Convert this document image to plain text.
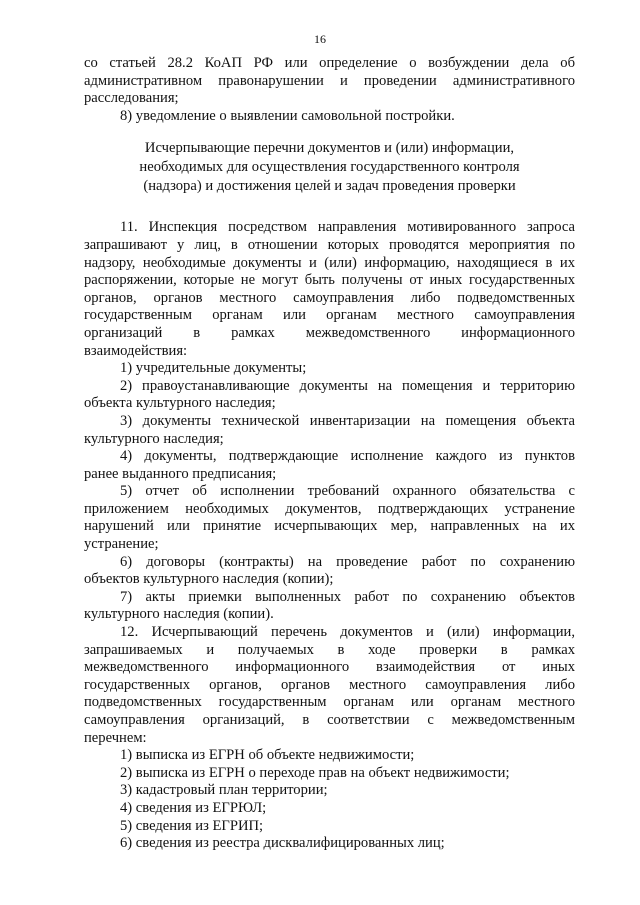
16

со статьей 28.2 КоАП РФ или определение о возбуждении дела об

административном правонарушении и проведении административного

расследования;

8) уведомление о выявлении самовольной постройки.

Исчерпывающие перечни документов и (или) информации,
необходимых для осуществления государственного контроля
(надзора) и достижения целей и задач проведения проверки

11. Инспекция посредством направления мотивированного запроса

запрашивают у лиц, в отношении которых проводятся мероприятия по

надзору, необходимые документы и (или) информацию, находящиеся в их

распоряжении, которые не могут быть получены от иных государственных

органов, органов местного самоуправления либо подведомственных

государственным органам или органам местного самоуправления

организаций в рамках межведомственного информационного

взаимодействия:

1) учредительные документы;

2) правоустанавливающие документы на помещения и территорию

объекта культурного наследия;

3) документы технической инвентаризации на помещения объекта

культурного наследия;

4) документы, подтверждающие исполнение каждого из пунктов

ранее выданного предписания;

5) отчет об исполнении требований охранного обязательства с

приложением необходимых документов, подтверждающих устранение

нарушений или принятие исчерпывающих мер, направленных на их

устранение;

6) договоры (контракты) на проведение работ по сохранению

объектов культурного наследия (копии);

7) акты приемки выполненных работ по сохранению объектов

культурного наследия (копии).

12. Исчерпывающий перечень документов и (или) информации,

запрашиваемых и получаемых в ходе проверки в рамках

межведомственного информационного взаимодействия от иных

государственных органов, органов местного самоуправления либо

подведомственных государственным органам или органам местного

самоуправления организаций, в соответствии с межведомственным

перечнем:

1) выписка из ЕГРН об объекте недвижимости;

2) выписка из ЕГРН о переходе прав на объект недвижимости;

3) кадастровый план территории;

4) сведения из ЕГРЮЛ;

5) сведения из ЕГРИП;

6) сведения из реестра дисквалифицированных лиц;
